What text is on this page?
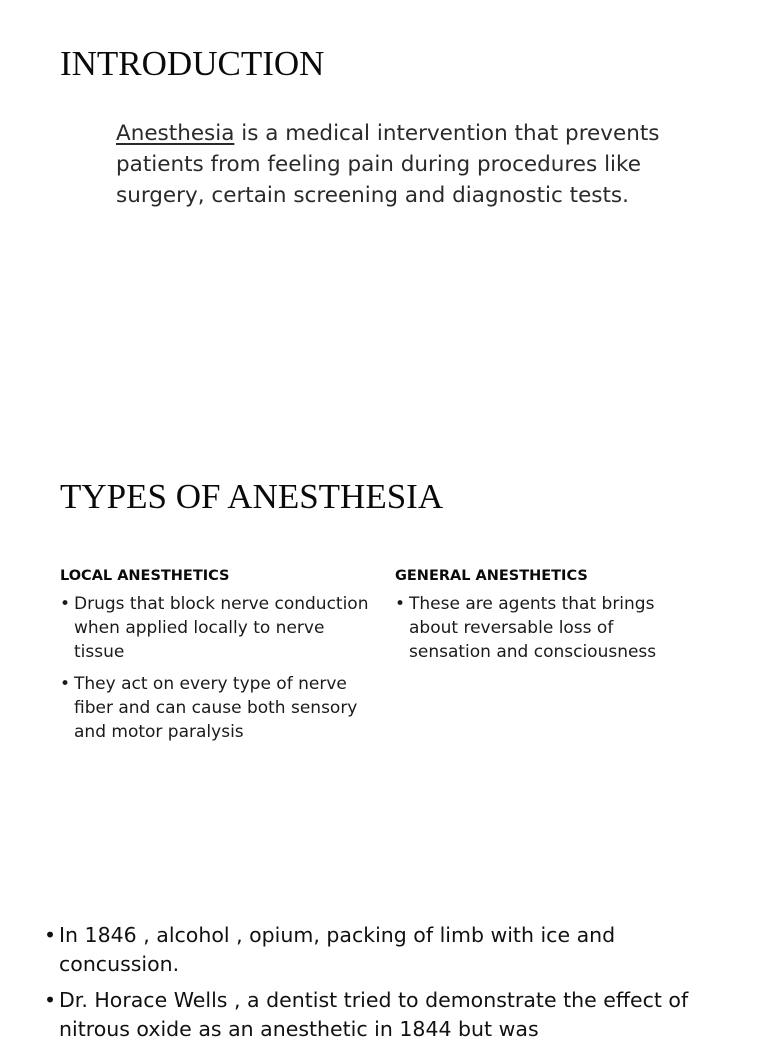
INTRODUCTION
Anesthesia is a medical intervention that prevents patients from feeling pain during procedures like surgery, certain screening and diagnostic tests.
TYPES OF ANESTHESIA
LOCAL ANESTHETICS
• Drugs that block nerve conduction when applied locally to nerve tissue
• They act on every type of nerve fiber and can cause both sensory and motor paralysis
GENERAL ANESTHETICS
• These are agents that brings about reversable loss of sensation and consciousness
• In 1846 , alcohol , opium, packing of limb with ice and concussion.
• Dr. Horace Wells , a dentist tried to demonstrate the effect of nitrous oxide as an anesthetic in 1844 but was
